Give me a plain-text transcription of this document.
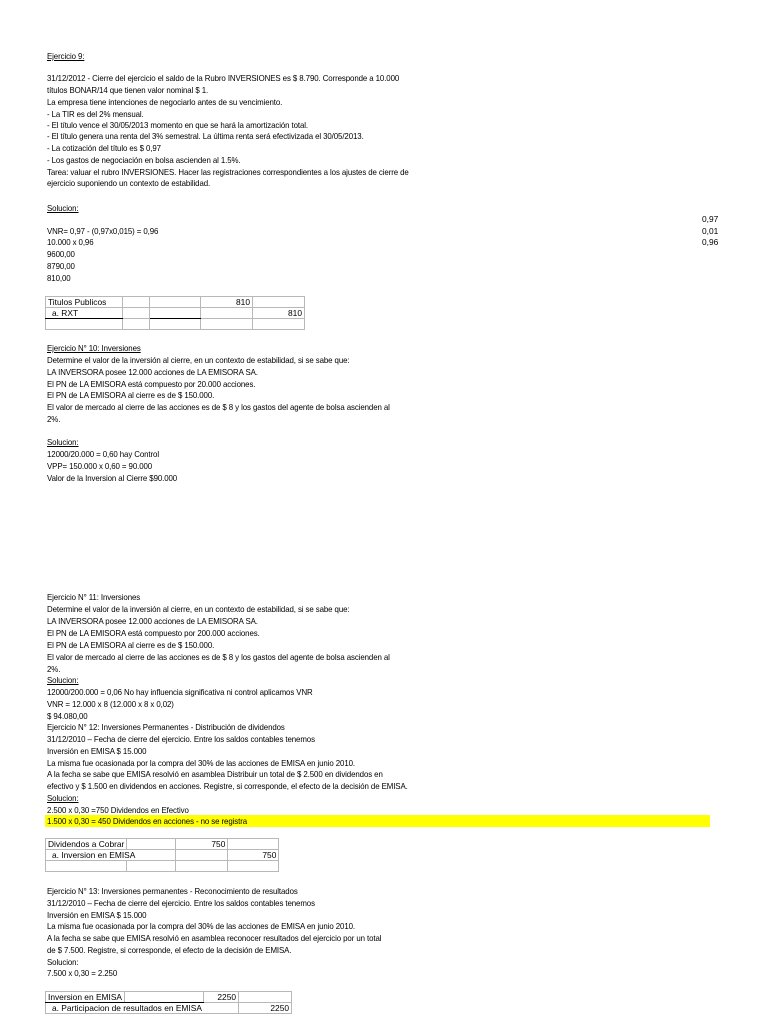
Ejercicio 9:
31/12/2012 - Cierre del ejercicio el saldo de la Rubro INVERSIONES es $ 8.790. Corresponde a 10.000
títulos BONAR/14 que tienen valor nominal $ 1.
La empresa tiene intenciones de negociarlo antes de su vencimiento.
- La TIR es del 2% mensual.
- El título vence el 30/05/2013 momento en que se hará la amortización total.
- El título genera una renta del 3% semestral. La última renta será efectivizada el 30/05/2013.
- La cotización del título es $ 0,97
- Los gastos de negociación en bolsa ascienden al 1.5%.
Tarea: valuar el rubro INVERSIONES. Hacer las registraciones correspondientes a los ajustes de cierre de
ejercicio suponiendo un contexto de estabilidad.
Solucion:
VNR= 0,97 - (0,97x0,015) = 0,96
10.000 x 0,96
9600,00
8790,00
810,00
0,97
0,01
0,96
Titulos Publicos			810	
a. RXT				810

Ejercicio N° 10: Inversiones
Determine el valor de la inversión al cierre, en un contexto de estabilidad, si se sabe que:
LA INVERSORA posee 12.000 acciones de LA EMISORA SA.
El PN de LA EMISORA está compuesto por 20.000 acciones.
El PN de LA EMISORA al cierre es de $ 150.000.
El valor de mercado al cierre de las acciones es de $ 8 y los gastos del agente de bolsa ascienden al
2%.
Solucion:
12000/20.000 = 0,60 hay Control
VPP= 150.000 x 0,60 = 90.000
Valor de la Inversion al Cierre $90.000
Ejercicio N° 11: Inversiones
Determine el valor de la inversión al cierre, en un contexto de estabilidad, si se sabe que:
LA INVERSORA posee 12.000 acciones de LA EMISORA SA.
El PN de LA EMISORA está compuesto por 200.000 acciones.
El PN de LA EMISORA al cierre es de $ 150.000.
El valor de mercado al cierre de las acciones es de $ 8 y los gastos del agente de bolsa ascienden al
2%.
Solucion:
12000/200.000 = 0,06 No hay influencia significativa ni control aplicamos VNR
VNR = 12.000 x 8 (12.000 x 8 x 0,02)
$ 94.080,00
Ejercicio N° 12: Inversiones Permanentes - Distribución de dividendos
31/12/2010 – Fecha de cierre del ejercicio. Entre los saldos contables tenemos
Inversión en EMISA $ 15.000
La misma fue ocasionada por la compra del 30% de las acciones de EMISA en junio 2010.
A la fecha se sabe que EMISA resolvió en asamblea Distribuir un total de $ 2.500 en dividendos en
efectivo y $ 1.500 en dividendos en acciones. Registre, si corresponde, el efecto de la decisión de EMISA.
Solucion:
2.500 x 0,30 =750 Dividendos en Efectivo
1.500 x 0,30 = 450 Dividendos en acciones - no se registra
Dividendos a Cobrar		750	
a. Inversion en EMISA			750

Ejercicio N° 13: Inversiones permanentes - Reconocimiento de resultados
31/12/2010 – Fecha de cierre del ejercicio. Entre los saldos contables tenemos
Inversión en EMISA $ 15.000
La misma fue ocasionada por la compra del 30% de las acciones de EMISA en junio 2010.
A la fecha se sabe que EMISA resolvió en asamblea reconocer resultados del ejercicio por un total
de $ 7.500. Registre, si corresponde, el efecto de la decisión de EMISA.
Solucion:
7.500 x 0,30 = 2.250
Inversion en EMISA		2250	
a. Participacion de resultados en EMISA			2250
